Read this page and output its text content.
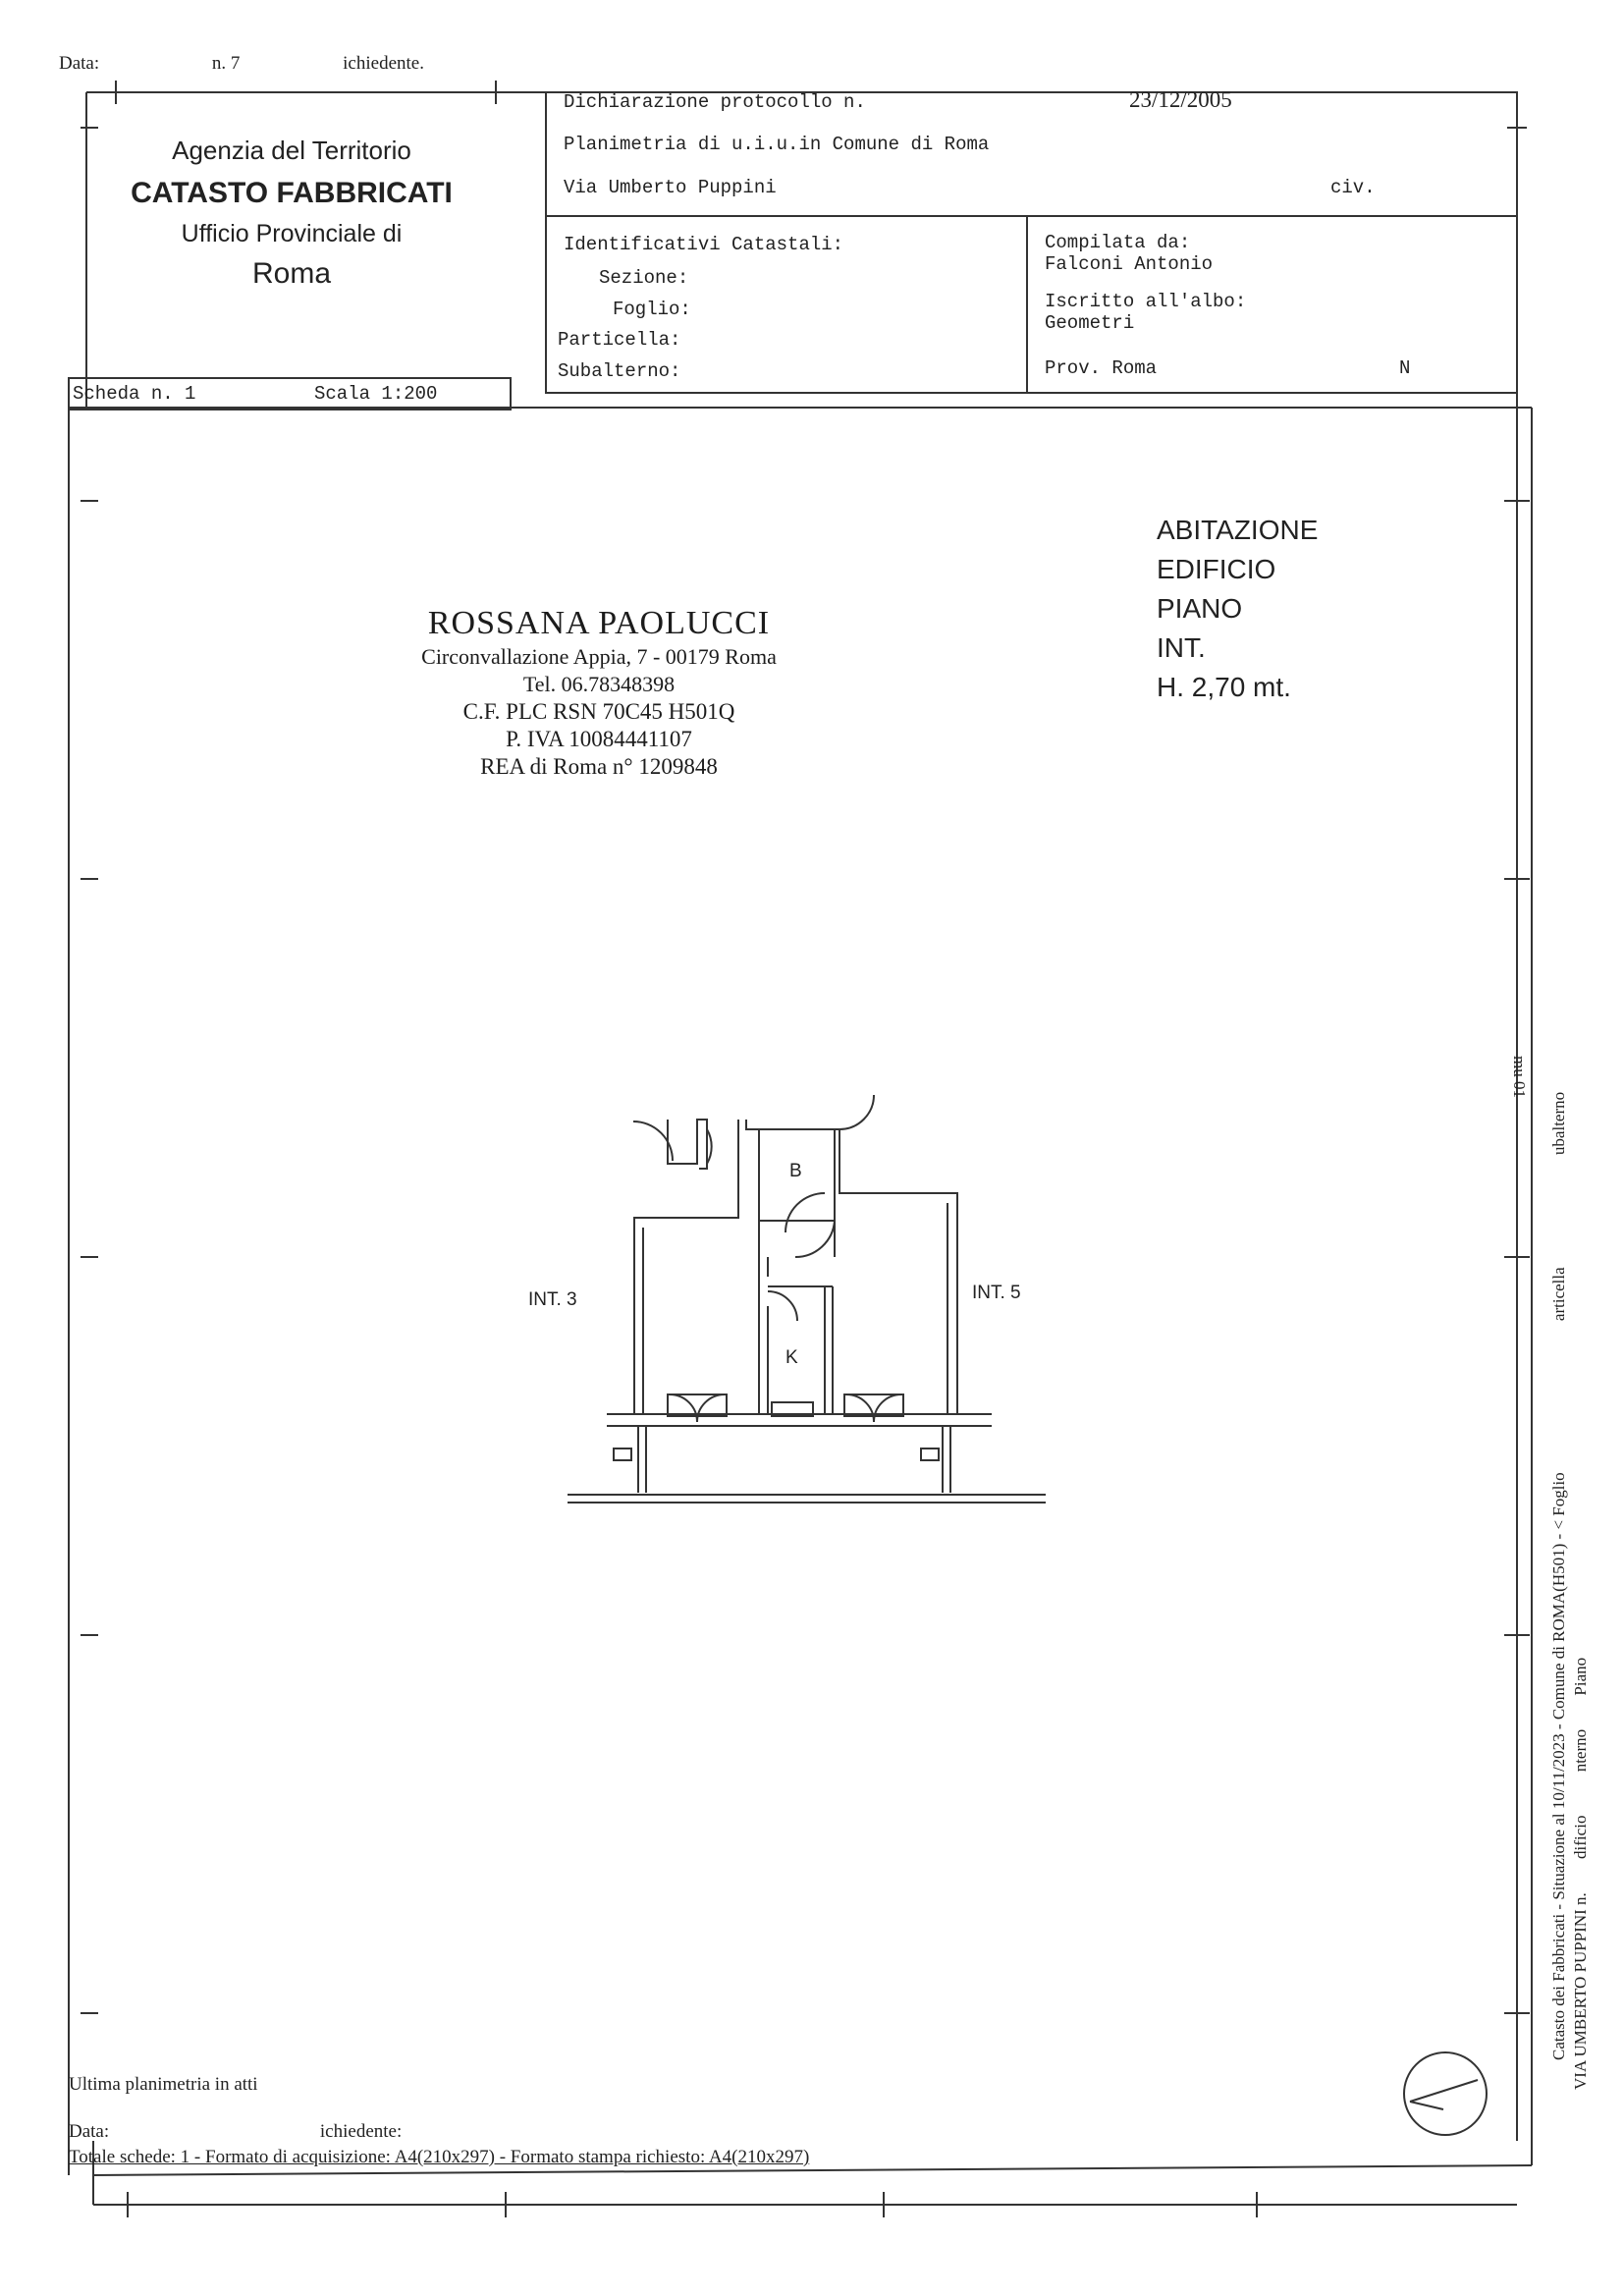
Data:	n. 7	ichiedente.
Agenzia del Territorio
CATASTO FABBRICATI
Ufficio Provinciale di
Roma
Dichiarazione protocollo n.	23/12/2005
Planimetria di u.i.u.in Comune di Roma
Via Umberto Puppini	civ.
Identificativi Catastali:
Sezione:
Foglio:
Particella:
Subalterno:
Compilata da:
Falconi Antonio
Iscritto all'albo:
Geometri
Prov. Roma	N
Scheda n. 1	Scala 1:200
ABITAZIONE
EDIFICIO
PIANO
INT.
H. 2,70 mt.
ROSSANA PAOLUCCI
Circonvallazione Appia, 7 - 00179 Roma
Tel. 06.78348398
C.F. PLC RSN 70C45 H501Q
P. IVA 10084441107
REA di Roma n° 1209848
B
K
INT. 3	INT. 5
Catasto dei Fabbricati - Situazione al 10/11/2023 - Comune di ROMA(H501) - < Foglio articella ubalterno
VIA UMBERTO PUPPINI n. dificio nterno Piano
mu 01
Ultima planimetria in atti
Data:	ichiedente:
Totale schede: 1 - Formato di acquisizione: A4(210x297) - Formato stampa richiesto: A4(210x297)
